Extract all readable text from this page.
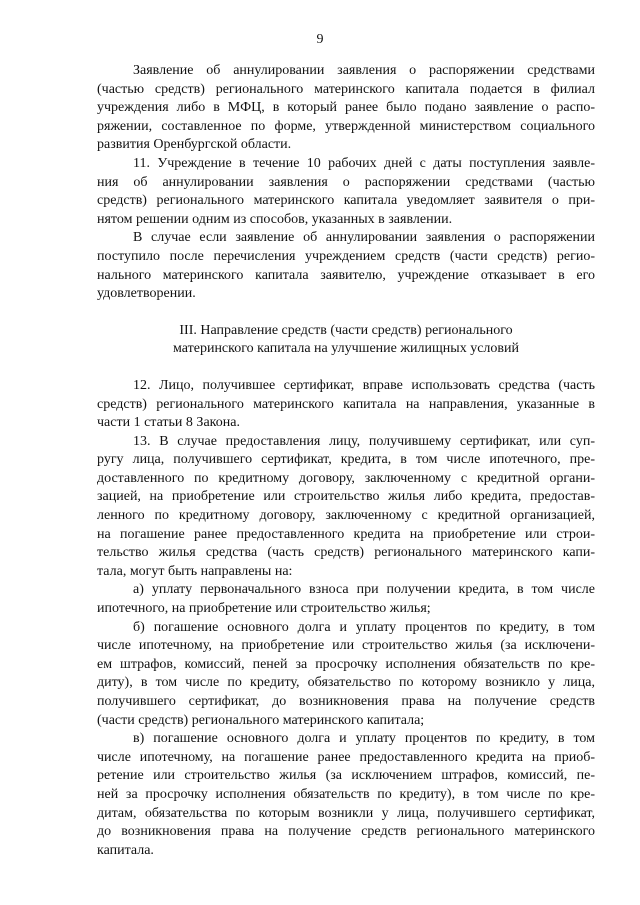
9
Заявление об аннулировании заявления о распоряжении средствами
(частью средств) регионального материнского капитала подается в филиал
учреждения либо в МФЦ, в который ранее было подано заявление о распо-
ряжении, составленное по форме, утвержденной министерством социального
развития Оренбургской области.
11. Учреждение в течение 10 рабочих дней с даты поступления заявле-
ния об аннулировании заявления о распоряжении средствами (частью
средств) регионального материнского капитала уведомляет заявителя о при-
нятом решении одним из способов, указанных в заявлении.
В случае если заявление об аннулировании заявления о распоряжении
поступило после перечисления учреждением средств (части средств) регио-
нального материнского капитала заявителю, учреждение отказывает в его
удовлетворении.
III. Направление средств (части средств) регионального
материнского капитала на улучшение жилищных условий
12. Лицо, получившее сертификат, вправе использовать средства (часть
средств) регионального материнского капитала на направления, указанные в
части 1 статьи 8 Закона.
13. В случае предоставления лицу, получившему сертификат, или суп-
ругу лица, получившего сертификат, кредита, в том числе ипотечного, пре-
доставленного по кредитному договору, заключенному с кредитной органи-
зацией, на приобретение или строительство жилья либо кредита, предостав-
ленного по кредитному договору, заключенному с кредитной организацией,
на погашение ранее предоставленного кредита на приобретение или строи-
тельство жилья средства (часть средств) регионального материнского капи-
тала, могут быть направлены на:
а) уплату первоначального взноса при получении кредита, в том числе
ипотечного, на приобретение или строительство жилья;
б) погашение основного долга и уплату процентов по кредиту, в том
числе ипотечному, на приобретение или строительство жилья (за исключени-
ем штрафов, комиссий, пеней за просрочку исполнения обязательств по кре-
диту), в том числе по кредиту, обязательство по которому возникло у лица,
получившего сертификат, до возникновения права на получение средств
(части средств) регионального материнского капитала;
в) погашение основного долга и уплату процентов по кредиту, в том
числе ипотечному, на погашение ранее предоставленного кредита на приоб-
ретение или строительство жилья (за исключением штрафов, комиссий, пе-
ней за просрочку исполнения обязательств по кредиту), в том числе по кре-
дитам, обязательства по которым возникли у лица, получившего сертификат,
до возникновения права на получение средств регионального материнского
капитала.
